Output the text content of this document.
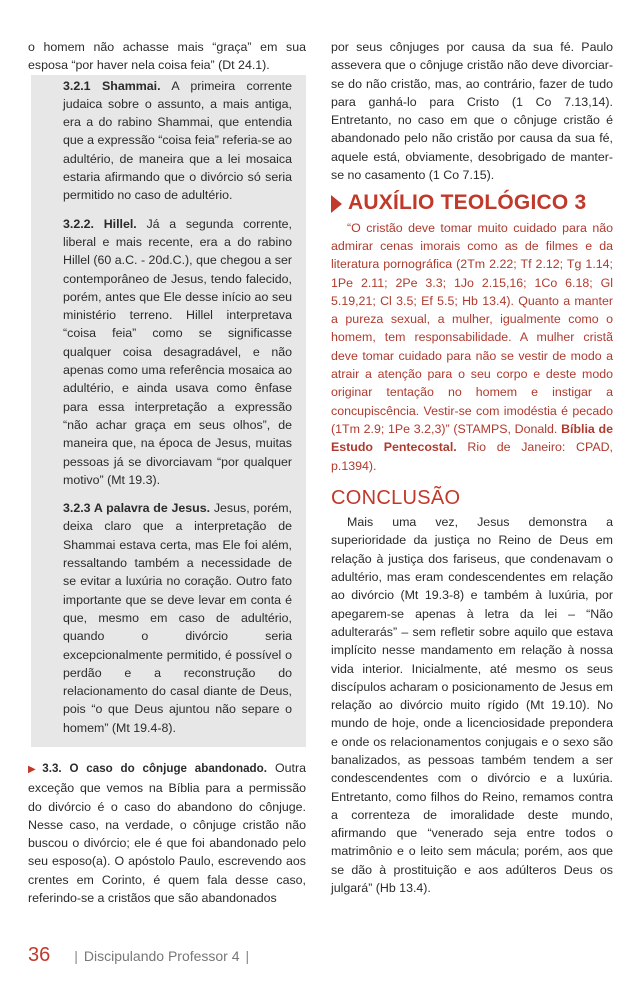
o homem não achasse mais “graça” em sua esposa “por haver nela coisa feia” (Dt 24.1).

3.2.1 Shammai. A primeira corrente judaica sobre o assunto, a mais antiga, era a do rabino Shammai, que entendia que a expressão “coisa feia” referia-se ao adultério, de maneira que a lei mosaica estaria afirmando que o divórcio só seria permitido no caso de adultério.

3.2.2. Hillel. Já a segunda corrente, liberal e mais recente, era a do rabino Hillel (60 a.C. - 20d.C.), que chegou a ser contemporâneo de Jesus, tendo falecido, porém, antes que Ele desse início ao seu ministério terreno. Hillel interpretava “coisa feia” como se significasse qualquer coisa desagradável, e não apenas como uma referência mosaica ao adultério, e ainda usava como ênfase para essa interpretação a expressão “não achar graça em seus olhos”, de maneira que, na época de Jesus, muitas pessoas já se divorciavam “por qualquer motivo” (Mt 19.3).

3.2.3 A palavra de Jesus. Jesus, porém, deixa claro que a interpretação de Shammai estava certa, mas Ele foi além, ressaltando também a necessidade de se evitar a luxúria no coração. Outro fato importante que se deve levar em conta é que, mesmo em caso de adultério, quando o divórcio seria excepcionalmente permitido, é possível o perdão e a reconstrução do relacionamento do casal diante de Deus, pois “o que Deus ajuntou não separe o homem” (Mt 19.4-8).

▶ 3.3. O caso do cônjuge abandonado. Outra exceção que vemos na Bíblia para a permissão do divórcio é o caso do abandono do cônjuge. Nesse caso, na verdade, o cônjuge cristão não buscou o divórcio; ele é que foi abandonado pelo seu esposo(a). O apóstolo Paulo, escrevendo aos crentes em Corinto, é quem fala desse caso, referindo-se a cristãos que são abandonados

por seus cônjuges por causa da sua fé. Paulo assevera que o cônjuge cristão não deve divorciar-se do não cristão, mas, ao contrário, fazer de tudo para ganhá-lo para Cristo (1 Co 7.13,14). Entretanto, no caso em que o cônjuge cristão é abandonado pelo não cristão por causa da sua fé, aquele está, obviamente, desobrigado de manter-se no casamento (1 Co 7.15).

AUXÍLIO TEOLÓGICO 3

“O cristão deve tomar muito cuidado para não admirar cenas imorais como as de filmes e da literatura pornográfica (2Tm 2.22; Tf 2.12; Tg 1.14; 1Pe 2.11; 2Pe 3.3; 1Jo 2.15,16; 1Co 6.18; Gl 5.19,21; Cl 3.5; Ef 5.5; Hb 13.4). Quanto a manter a pureza sexual, a mulher, igualmente como o homem, tem responsabilidade. A mulher cristã deve tomar cuidado para não se vestir de modo a atrair a atenção para o seu corpo e deste modo originar tentação no homem e instigar a concupiscência. Vestir-se com imodéstia é pecado (1Tm 2.9; 1Pe 3.2,3)” (STAMPS, Donald. Bíblia de Estudo Pentecostal. Rio de Janeiro: CPAD, p.1394).

CONCLUSÃO

Mais uma vez, Jesus demonstra a superioridade da justiça no Reino de Deus em relação à justiça dos fariseus, que condenavam o adultério, mas eram condescendentes em relação ao divórcio (Mt 19.3-8) e também à luxúria, por apegarem-se apenas à letra da lei – “Não adulterarás” – sem refletir sobre aquilo que estava implícito nesse mandamento em relação à nossa vida interior. Inicialmente, até mesmo os seus discípulos acharam o posicionamento de Jesus em relação ao divórcio muito rígido (Mt 19.10). No mundo de hoje, onde a licenciosidade prepondera e onde os relacionamentos conjugais e o sexo são banalizados, as pessoas também tendem a ser condescendentes com o divórcio e a luxúria. Entretanto, como filhos do Reino, remamos contra a correnteza de imoralidade deste mundo, afirmando que “venerado seja entre todos o matrimônio e o leito sem mácula; porém, aos que se dão à prostituição e aos adúlteros Deus os julgará” (Hb 13.4).

36 | Discipulando Professor 4 |
